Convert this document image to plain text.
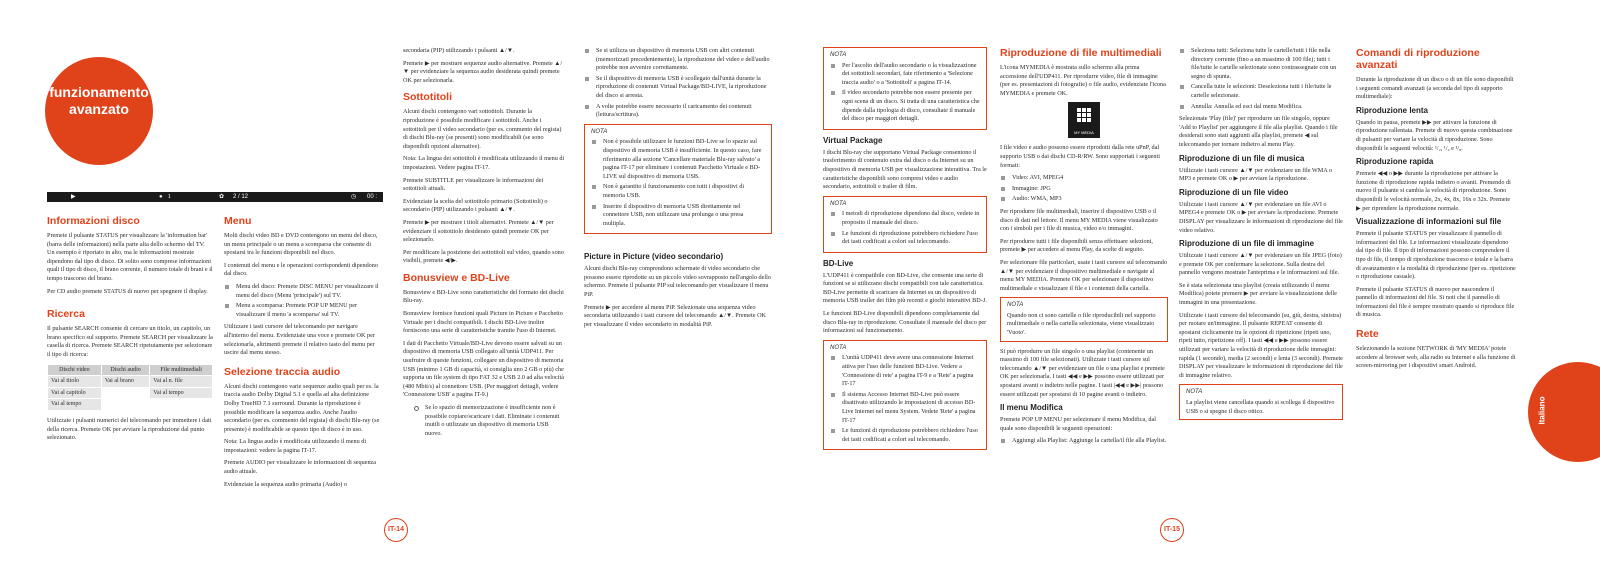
funzionamento
avanzato
▶	● 1	✿ 2 / 12	◷ 00 : 00 : 23
Informazioni disco

Premete il pulsante STATUS per visualizzare la 'information bar' (barra delle informazioni) nella parte alta dello schermo del TV. Un esempio è riportato in alto, ma le informazioni mostrate dipendono dal tipo di disco. Di solito sono comprese informazioni quali il tipo di disco, il brano corrente, il numero totale di brani e il tempo trascorso del brano.

Per CD audio premete STATUS di nuovo per spegnere il display.

Ricerca

Il pulsante SEARCH consente di cercare un titolo, un capitolo, un brano specifico sul supporto. Premete SEARCH per visualizzare la casella di ricerca. Premete SEARCH ripetutamente per selezionare il tipo di ricerca:

Dischi video	Dischi audio	File multimediali
Vai al titolo	Vai al brano	Vai al n. file
Vai al capitolo		Vai al tempo
Vai al tempo		

Utilizzate i pulsanti numerici del telecomando per immettere i dati della ricerca. Premete OK per avviare la riproduzione dal punto selezionato.

Menu

Molti dischi video BD e DVD contengono un menu del disco, un menu principale o un menu a scomparsa che consente di spostarsi tra le funzioni disponibili nel disco.

I contenuti del menu e le operazioni corrispondenti dipendono dal disco.

Menu del disco: Premete DISC MENU per visualizzare il menu del disco (Menu 'principale') sul TV.
Menu a scomparsa: Premete POP UP MENU per visualizzare il menu 'a scomparsa' sul TV.

Utilizzare i tasti cursore del telecomando per navigare all'interno del menu. Evidenziate una voce e premete OK per selezionarla, altrimenti premete il relativo tasto del menu per uscire dal menu stesso.

Selezione traccia audio

Alcuni dischi contengono varie sequenze audio quali per es. la traccia audio Dolby Digital 5.1 e quella ad alta definizione Dolby TrueHD 7.1 surround. Durante la riproduzione è possibile modificare la sequenza audio. Anche l'audio secondario (per es. commento del regista) di dischi Blu-ray (se presente) è modificabile se questo tipo di disco è in uso.

Nota: La lingua audio è modificata utilizzando il menu di impostazioni: vedere la pagina IT-17.

Premete AUDIO per visualizzare le informazioni di sequenza audio attuale.

Evidenziate la sequenza audio primaria (Audio) o

secondaria (PIP) utilizzando i pulsanti ▲/▼.

Premete ▶ per mostrare sequenze audio alternative. Premete ▲/▼ per evidenziare la sequenza audio desiderata quindi premete OK per selezionarla.

Sottotitoli

Alcuni dischi contengono vari sottotitoli. Durante la riproduzione è possibile modificare i sottotitoli. Anche i sottotitoli per il video secondario (per es. commento del regista) di dischi Blu-ray (se presenti) sono modificabili (se sono disponibili opzioni alternative).

Nota: La lingua dei sottotitoli è modificata utilizzando il menu di impostazioni. Vedere pagina IT-17.

Premete SUBTITLE per visualizzare le informazioni dei sottotitoli attuali.

Evidenziate la scelta del sottotitolo primario (Sottotitoli) o secondario (PIP) utilizzando i pulsanti ▲/▼.

Premete ▶ per mostrare i titoli alternativi. Premete ▲/▼ per evidenziare il sottotitolo desiderato quindi premete OK per selezionarlo.

Per modificare la posizione dei sottotitoli sul video, quando sono visibili, premete ◀/▶.

Bonusview e BD-Live

Bonusview e BD-Live sono caratteristiche del formato dei dischi Blu-ray.

Bonusview fornisce funzioni quali Picture in Picture e Pacchetto Virtuale per i dischi compatibili. I dischi BD-Live inoltre forniscono una serie di caratteristiche tramite l'uso di Internet.

I dati di Pacchetto Virtuale/BD-Live devono essere salvati su un dispositivo di memoria USB collegato all'unità UDP411. Per usufruire di queste funzioni, collegare un dispositivo di memoria USB (minimo 1 GB di capacità, si consiglia uno 2 GB o più) che supporta un file system di tipo FAT 32 e USB 2.0 ad alta velocità (480 Mbit/s) al connettore USB. (Per maggiori dettagli, vedere 'Connessione USB' a pagina IT-9.)

Se lo spazio di memorizzazione è insufficiente non è possibile copiare/scaricare i dati. Eliminate i contenuti inutili o utilizzate un dispositivo di memoria USB nuovo.
Se si utilizza un dispositivo di memoria USB con altri contenuti (memorizzati precedentemente), la riproduzione del video e dell'audio potrebbe non avvenire correttamente.
Se il dispositivo di memoria USB è scollegato dall'unità durante la riproduzione di contenuti Virtual Package/BD-LIVE, la riproduzione del disco si arresta.
A volte potrebbe essere necessario il caricamento dei contenuti (lettura/scrittura).
NOTA
Non è possibile utilizzare le funzioni BD-Live se lo spazio sul dispositivo di memoria USB è insufficiente. In questo caso, fare riferimento alla sezione 'Cancellare materiale Blu-ray salvato' a pagina IT-17 per eliminare i contenuti Pacchetto Virtuale e BD-LIVE sul dispositivo di memoria USB.
Non è garantito il funzionamento con tutti i dispositivi di memoria USB.
Inserire il dispositivo di memoria USB direttamente nel connettore USB, non utilizzare una prolunga o una presa multipla.
Picture in Picture (video secondario)

Alcuni dischi Blu-ray comprendono schermate di video secondario che possono essere riprodotte su un piccolo video sovrapposto nell'angolo dello schermo. Premete il pulsante PIP sul telecomando per visualizzare il menu PiP.

Premete ▶ per accedere al menu PiP. Selezionate una sequenza video secondaria utilizzando i tasti cursore del telecomando ▲/▼. Premete OK per visualizzare il video secondario in modalità PiP.

IT-14
NOTA
Per l'ascolto dell'audio secondario o la visualizzazione dei sottotitoli secondari, fate riferimento a 'Selezione traccia audio' o a 'Sottotitoli' a pagina IT-14.
Il video secondario potrebbe non essere presente per ogni scena di un disco. Si tratta di una caratteristica che dipende dalla tipologia di disco, consultate il manuale del disco per maggiori dettagli.
Virtual Package

I dischi Blu-ray che supportano Virtual Package consentono il trasferimento di contenuto extra dal disco o da Internet su un dispositivo di memoria USB per visualizzazione interattiva. Tra le caratteristiche disponibili sono compresi video e audio secondario, sottotitoli e trailer di film.

NOTA
I metodi di riproduzione dipendono dal disco, vedete in proposito il manuale del disco.
Le funzioni di riproduzione potrebbero richiedere l'uso dei tasti codificati a colori sul telecomando.
BD-Live

L'UDP411 è compatibile con BD-Live, che consente una serie di funzioni se si utilizzano dischi compatibili con tale caratteristica. BD-Live permette di scaricare da Internet su un dispositivo di memoria USB trailer dei film più recenti e giochi interattivi BD-J.

Le funzioni BD-Live disponibili dipendono completamente dal disco Blu-ray in riproduzione. Consultate il manuale del disco per informazioni sul funzionamento.

NOTA
L'unità UDP411 deve avere una connessione Internet attiva per l'uso delle funzioni BD-Live. Vedere a 'Connessione di rete' a pagina IT-9 e a 'Rete' a pagina IT-17
Il sistema Accesso Internet BD-Live può essere disattivato utilizzando le impostazioni di accesso BD-Live Internet nel menu System. Vedete 'Rete' a pagina IT-17
Le funzioni di riproduzione potrebbero richiedere l'uso dei tasti codificati a colori sul telecomando.
Riproduzione di file multimediali

L'icona MYMEDIA è mostrata sullo schermo alla prima accensione dell'UDP411. Per riprodurre video, file di immagine (per es. presentazioni di fotografie) o file audio, evidenziate l'icona MYMEDIA e premete OK.

MY MEDIA

I file video e audio possono essere riprodotti dalla rete uPnP, dal supporto USB o dai dischi CD-R/RW. Sono supportati i seguenti formati:

Video: AVI, MPEG4
Immagine: JPG
Audio: WMA, MP3

Per riprodurre file multimediali, inserire il dispositivo USB o il disco di dati nel lettore. Il menu MY MEDIA viene visualizzato con i simboli per i file di musica, video e/o immagini.

Per riprodurre tutti i file disponibili senza effettuare selezioni, premete ▶ per accedere al menu Play, da scelte di seguito.

Per selezionare file particolari, usate i tasti cursore sul telecomando ▲/▼ per evidenziare il dispositivo multimediale e navigate al menu MY MEDIA. Premete OK per selezionare il dispositivo multimediale e visualizzare il file e i contenuti della cartella.

NOTA
Quando non ci sono cartelle o file riproducibili nel supporto multimediale o nella cartella selezionata, viene visualizzato 'Vuoto'.

Si può riprodurre un file singolo o una playlist (contenente un massimo di 100 file selezionati). Utilizzate i tasti cursore sul telecomando ▲/▼ per evidenziare un file o una playlist e premete OK per selezionarla. I tasti ◀◀ e ▶▶ possono essere utilizzati per spostarsi avanti o indietro nelle pagine. I tasti |◀◀ e ▶▶| possono essere utilizzati per spostarsi di 10 pagine avanti o indietro.

Il menu Modifica

Premete POP UP MENU per selezionare il menu Modifica, dal quale sono disponibili le seguenti operazioni:

Aggiungi alla Playlist: Aggiunge la cartella/il file alla Playlist.
Seleziona tutti: Seleziona tutte le cartelle/tutti i file nella directory corrente (fino a un massimo di 100 file); tutti i file/tutte le cartelle selezionate sono contrassegnate con un segno di spunta.
Cancella tutte le selezioni: Deseleziona tutti i file/tutte le cartelle selezionate.
Annulla: Annulla ed esci dal menu Modifica.

Selezionate 'Play (file)' per riprodurre un file singolo, oppure 'Add to Playlist' per aggiungere il file alla playlist. Quando i file desiderati sono stati aggiunti alla playlist, premete ◀ sul telecomando per tornare indietro al menu Play.

Riproduzione di un file di musica

Utilizzate i tasti cursore ▲/▼ per evidenziare un file WMA o MP3 e premete OK o ▶ per avviare la riproduzione.

Riproduzione di un file video

Utilizzate i tasti cursore ▲/▼ per evidenziare un file AVI o MPEG4 e premete OK o ▶ per avviare la riproduzione. Premete DISPLAY per visualizzare le informazioni di riproduzione del file video relativo.

Riproduzione di un file di immagine

Utilizzate i tasti cursore ▲/▼ per evidenziare un file JPEG (foto) e premete OK per confermare la selezione. Sulla destra del pannello vengono mostrate l'anteprima e le informazioni sul file.

Se è stata selezionata una playlist (creata utilizzando il menu Modifica) potete premere ▶ per avviare la visualizzazione delle immagini in una presentazione.

Utilizzate i tasti cursore del telecomando (su, giù, destra, sinistra) per ruotare un'immagine. Il pulsante REPEAT consente di spostarsi ciclicamente tra le opzioni di ripetizione (ripeti uno, ripeti tutto, ripetizione off). I tasti ◀◀ e ▶▶ possono essere utilizzati per variare la velocità di riproduzione delle immagini: rapida (1 secondo), media (2 secondi) e lenta (3 secondi). Premete DISPLAY per visualizzare le informazioni di riproduzione del file di immagine relativo.

NOTA
La playlist viene cancellata quando si scollega il dispositivo USB o si spegne il disco ottico.
Comandi di riproduzione avanzati

Durante la riproduzione di un disco o di un file sono disponibili i seguenti comandi avanzati (a seconda del tipo di supporto multimediale):

Riproduzione lenta

Quando in pausa, premete ▶▶ per attivare la funzione di riproduzione rallentata. Premete di nuovo questa combinazione di pulsanti per variare la velocità di riproduzione. Sono disponibili le seguenti velocità: ¹/₂, ¹/₄ e ¹/₈.

Riproduzione rapida

Premete ◀◀ o ▶▶ durante la riproduzione per attivare la funzione di riproduzione rapida indietro o avanti. Premendo di nuovo il pulsante si cambia la velocità di riproduzione. Sono disponibili le velocità normale, 2x, 4x, 8x, 16x e 32x. Premete ▶ per riprendere la riproduzione normale.

Visualizzazione di informazioni sul file

Premete il pulsante STATUS per visualizzare il pannello di informazioni del file. Le informazioni visualizzate dipendono dal tipo di file. Il tipo di informazioni possono comprendere il tipo di file, il tempo di riproduzione trascorso e totale e la barra di avanzamento e la modalità di riproduzione (per es. ripetizione o riproduzione casuale).

Premete il pulsante STATUS di nuovo per nascondere il pannello di informazioni del file. Si noti che il pannello di informazioni del file è sempre mostrato quando si riproduce file di musica.

Rete

Selezionando la sezione NETWORK di 'MY MEDIA' potete accedere al browser web, alla radio su Internet e alla funzione di screen-mirroring per i dispositivi smart Android.

IT-15
Italiano
